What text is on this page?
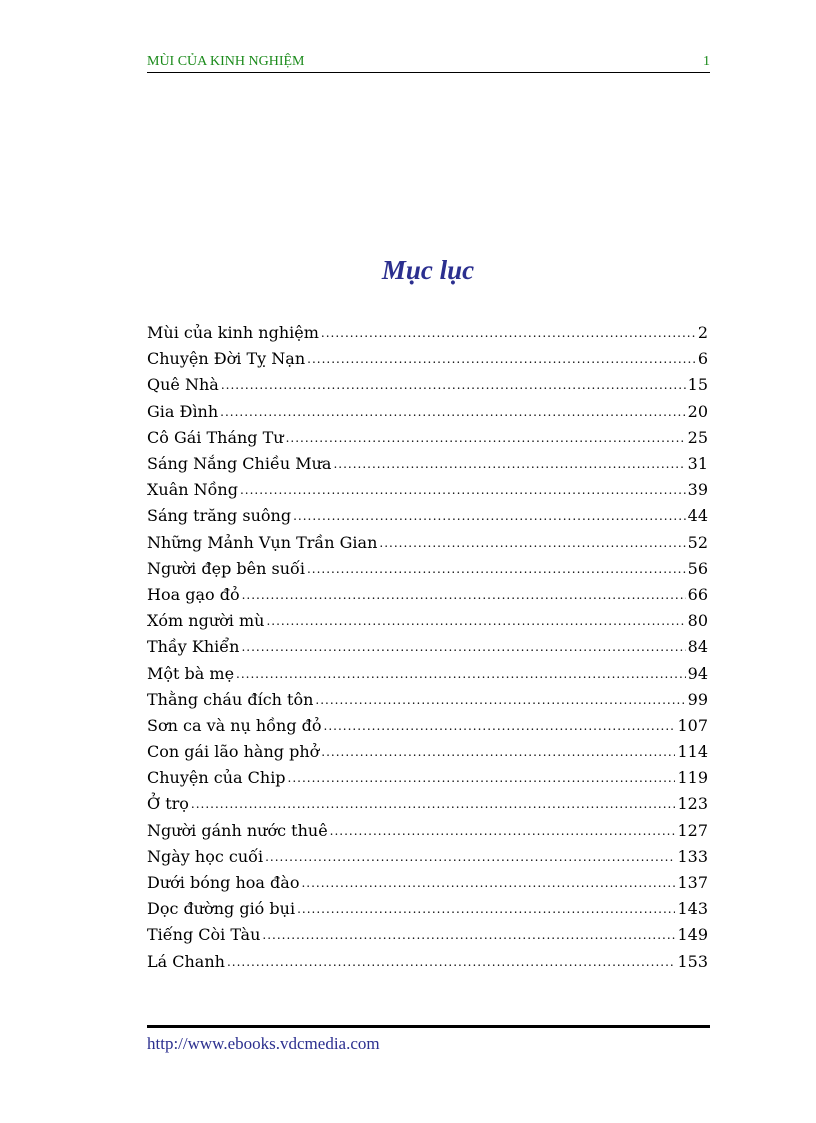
MÙI CỦA KINH NGHIỆM	1
Mục lục
Mùi của kinh nghiệm .....	2
Chuyện Đời Tỵ Nạn .....	6
Quê Nhà .....	15
Gia Đình .....	20
Cô Gái Tháng Tư .....	25
Sáng Nắng Chiều Mưa .....	31
Xuân Nồng .....	39
Sáng trăng suông .....	44
Những Mảnh Vụn Trần Gian .....	52
Người đẹp bên suối .....	56
Hoa gạo đỏ .....	66
Xóm người mù .....	80
Thầy Khiển .....	84
Một bà mẹ .....	94
Thằng cháu đích tôn .....	99
Sơn ca và nụ hồng đỏ .....	107
Con gái lão hàng phở .....	114
Chuyện của Chip .....	119
Ở trọ .....	123
Người gánh nước thuê .....	127
Ngày học cuối .....	133
Dưới bóng hoa đào .....	137
Dọc đường gió bụi .....	143
Tiếng Còi Tàu .....	149
Lá Chanh .....	153
http://www.ebooks.vdcmedia.com
